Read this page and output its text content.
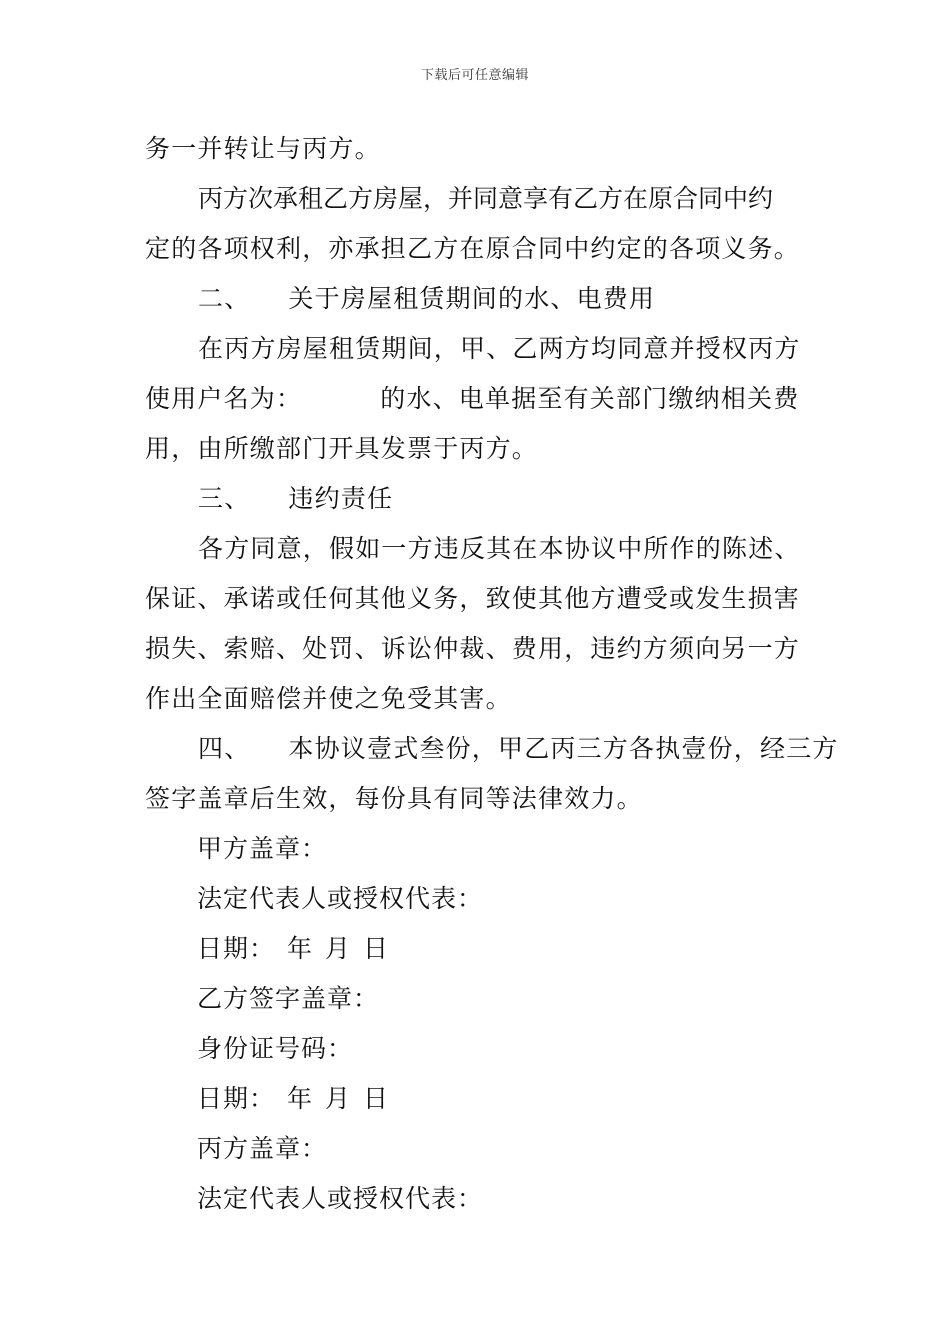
下载后可任意编辑
务一并转让与丙方。
丙方次承租乙方房屋，并同意享有乙方在原合同中约
定的各项权利，亦承担乙方在原合同中约定的各项义务。
二、 关于房屋租赁期间的水、电费用
在丙方房屋租赁期间，甲、乙两方均同意并授权丙方
使用户名为：	的水、电单据至有关部门缴纳相关费
用，由所缴部门开具发票于丙方。
三、 违约责任
各方同意，假如一方违反其在本协议中所作的陈述、
保证、承诺或任何其他义务，致使其他方遭受或发生损害
损失、索赔、处罚、诉讼仲裁、费用，违约方须向另一方
作出全面赔偿并使之免受其害。
四、 本协议壹式叁份，甲乙丙三方各执壹份，经三方
签字盖章后生效，每份具有同等法律效力。
甲方盖章：
法定代表人或授权代表：
日期： 年 月 日
乙方签字盖章：
身份证号码：
日期： 年 月 日
丙方盖章：
法定代表人或授权代表：
